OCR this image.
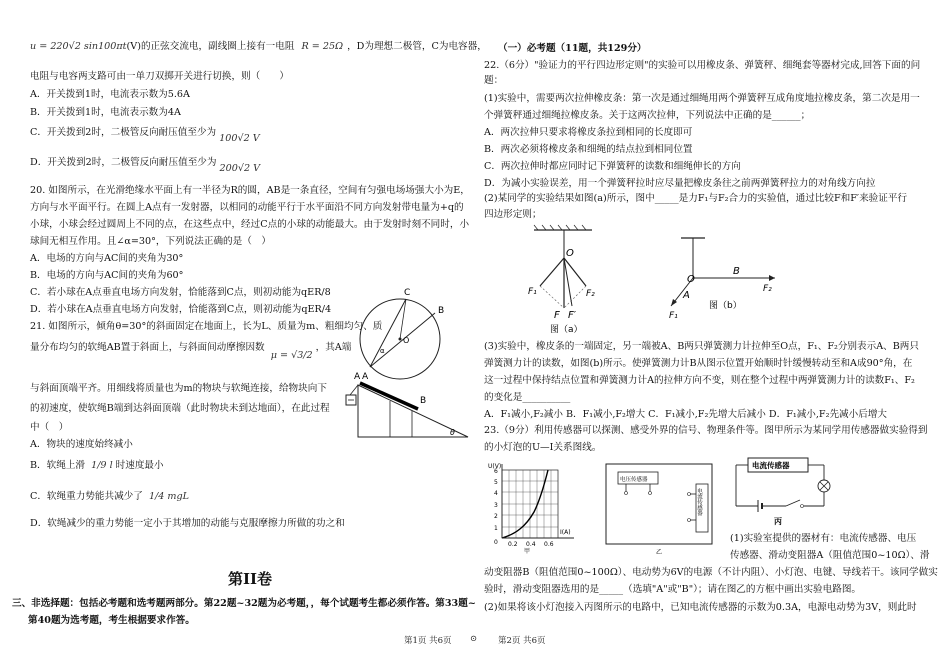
u = 220√2 sin100πt(V)的正弦交流电，副线圈上接有一电阻 R = 25Ω ，D为理想二极管，C为电容器，
电阻与电容两支路可由一单刀双掷开关进行切换，则（　　）
A．开关拨到1时，电流表示数为5.6A
B．开关拨到1时，电流表示数为4A
C．开关拨到2时，二极管反向耐压值至少为 100√2 V
D．开关拨到2时，二极管反向耐压值至少为 200√2 V
20. 如图所示，在光滑绝缘水平面上有一半径为R的圆，AB是一条直径，空间有匀强电场场强大小为E，
方向与水平面平行。在圆上A点有一发射器，以相同的动能平行于水平面沿不同方向发射带电量为+q的
小球，小球会经过圆周上不同的点，在这些点中，经过C点的小球的动能最大。由于发射时刻不同时，小
球间无相互作用。且∠α=30°，下列说法正确的是（　）
A．电场的方向与AC间的夹角为30°
B．电场的方向与AC间的夹角为60°
C．若小球在A点垂直电场方向发射，恰能落到C点，则初动能为qER/8
D．若小球在A点垂直电场方向发射，恰能落到C点，则初动能为qER/4
21. 如图所示，倾角θ=30°的斜面固定在地面上，长为L、质量为m、粗细均匀、质
量分布均匀的软绳AB置于斜面上，与斜面间动摩擦因数 μ = √3/2，其A端
与斜面顶端平齐。用细线将质量也为m的物块与软绳连接，给物块向下
的初速度，使软绳B端到达斜面顶端（此时物块未到达地面），在此过程
中（　）
A．物块的速度始终减小
B．软绳上滑 1/9 l 时速度最小
C．软绳重力势能共减少了 1/4 mgL
D．软绳减少的重力势能一定小于其增加的动能与克服摩擦力所做的功之和
第II卷
三、非选择题：包括必考题和选考题两部分。第22题~32题为必考题，，每个试题考生都必须作答。第33题~
第40题为选考题，考生根据要求作答。
C
B
A
O
α
A
B
θ
（一）必考题（11题，共129分）
22.（6分）"验证力的平行四边形定则"的实验可以用橡皮条、弹簧秤、细绳套等器材完成,回答下面的问
题：
(1)实验中，需要两次拉伸橡皮条：第一次是通过细绳用两个弹簧秤互成角度地拉橡皮条，第二次是用一
个弹簧秤通过细绳拉橡皮条。关于这两次拉伸，下列说法中正确的是______；
A．两次拉伸只要求将橡皮条拉到相同的长度即可
B．两次必须将橡皮条和细绳的结点拉到相同位置
C．两次拉伸时都应同时记下弹簧秤的读数和细绳伸长的方向
D．为减小实验误差，用一个弹簧秤拉时应尽量把橡皮条往之前两弹簧秤拉力的对角线方向拉
(2)某同学的实验结果如图(a)所示，图中_____是力F₁与F₂合力的实验值，通过比较F和F′来验证平行
四边形定则；
(3)实验中，橡皮条的一端固定，另一端被A、B两只弹簧测力计拉伸至O点，F₁、F₂分别表示A、B两只
弹簧测力计的读数，如图(b)所示。使弹簧测力计B从图示位置开始顺时针缓慢转动至和A成90°角，在
这一过程中保持结点位置和弹簧测力计A的拉伸方向不变，则在整个过程中两弹簧测力计的读数F₁、F₂
的变化是__________
A．F₁减小,F₂减小 B．F₁减小,F₂增大 C．F₁减小,F₂先增大后减小 D．F₁减小,F₂先减小后增大
23.（9分）利用传感器可以探测、感受外界的信号、物理条件等。图甲所示为某同学用传感器做实验得到
的小灯泡的U—I关系图线。
(1)实验室提供的器材有：电流传感器、电压
传感器、滑动变阻器A（阻值范围0~10Ω）、滑
动变阻器B（阻值范围0~100Ω）、电动势为6V的电源（不计内阻）、小灯泡、电键、导线若干。该同学做实
验时，滑动变阻器选用的是_____（选填"A"或"B"）；请在图乙的方框中画出实验电路图。
(2)如果将该小灯泡接入丙图所示的电路中，已知电流传感器的示数为0.3A，电源电动势为3V，则此时
O
F₁	F₂
F F′
图（a）
O
B
F₂
A
F₁
图（b）
U(V)
I(A)
6
5
4
3
2
1
0 0.2 0.4 0.6
甲
电压传感器
电流传感器
乙
电流传感器
丙
第1页 共6页 ⊙ 第2页 共6页
